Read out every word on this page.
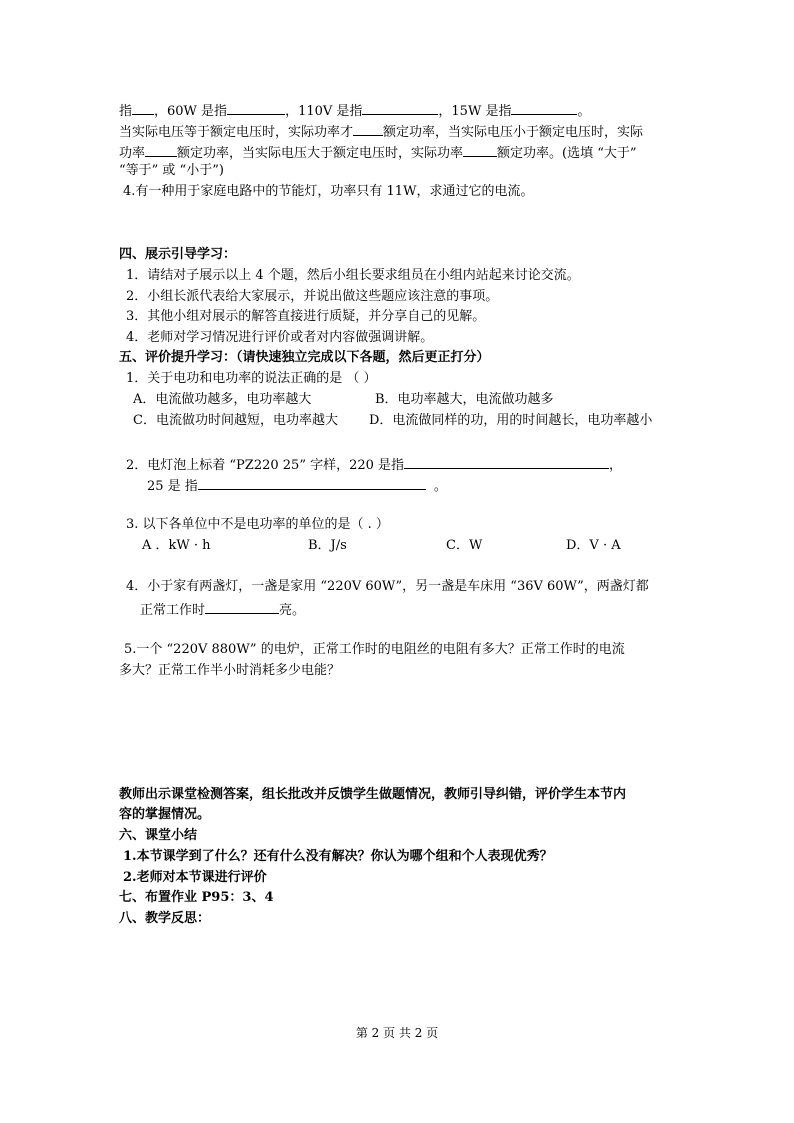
指 ，60W 是指	，110V 是指	，15W 是指	。
当实际电压等于额定电压时，实际功率才 额定功率，当实际电压小于额定电压时，实际
功率 额定功率，当实际电压大于额定电压时，实际功率	额定功率。(选填 “大于”
“等于” 或 “小于”)
4.有一种用于家庭电路中的节能灯，功率只有 11W，求通过它的电流。
四、展示引导学习：
1．请结对子展示以上 4 个题，然后小组长要求组员在小组内站起来讨论交流。
2．小组长派代表给大家展示，并说出做这些题应该注意的事项。
3．其他小组对展示的解答直接进行质疑，并分享自己的见解。
4．老师对学习情况进行评价或者对内容做强调讲解。
五、评价提升学习：（请快速独立完成以下各题，然后更正打分）
1．关于电功和电功率的说法正确的是 （ ）
A．电流做功越多，电功率越大	B．电功率越大，电流做功越多
C．电流做功时间越短，电功率越大 D．电流做同样的功，用的时间越长，电功率越小
2．电灯泡上标着 “PZ220 25” 字样，220 是指	，
25 是 指	。
3. 以下各单位中不是电功率的单位的是（ . ）
A ．kW · h	B．J/s	C．W	D．V · A
4．小于家有两盏灯，一盏是家用 “220V 60W”，另一盏是车床用 “36V 60W”，两盏灯都
正常工作时	亮。
5.一个 “220V 880W” 的电炉，正常工作时的电阻丝的电阻有多大？正常工作时的电流
多大？正常工作半小时消耗多少电能？
教师出示课堂检测答案，组长批改并反馈学生做题情况，教师引导纠错，评价学生本节内
容的掌握情况。
六、课堂小结
1.本节课学到了什么？还有什么没有解决？你认为哪个组和个人表现优秀？
2.老师对本节课进行评价
七、布置作业 P95：3、4
八、教学反思：
第 2 页 共 2 页
